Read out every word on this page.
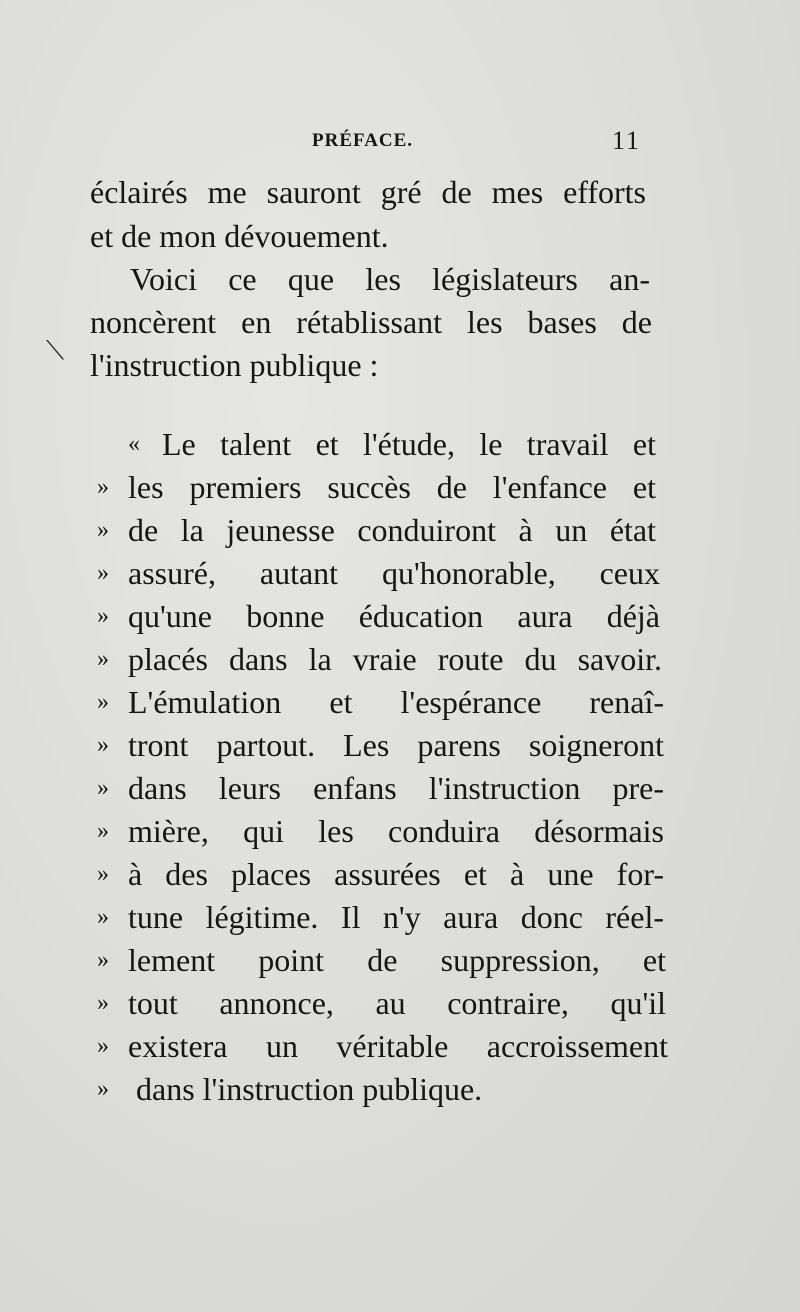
PRÉFACE.	11
⟍
éclairés me sauront gré de mes efforts
et de mon dévouement.
Voici ce que les législateurs an-
noncèrent en rétablissant les bases de
l'instruction publique :
« Le talent et l'étude, le travail et
» les premiers succès de l'enfance et
» de la jeunesse conduiront à un état
» assuré, autant qu'honorable, ceux
» qu'une bonne éducation aura déjà
» placés dans la vraie route du savoir.
» L'émulation et l'espérance renaî-
» tront partout. Les parens soigneront
» dans leurs enfans l'instruction pre-
» mière, qui les conduira désormais
» à des places assurées et à une for-
» tune légitime. Il n'y aura donc réel-
» lement point de suppression, et
» tout annonce, au contraire, qu'il
» existera un véritable accroissement
» dans l'instruction publique.
